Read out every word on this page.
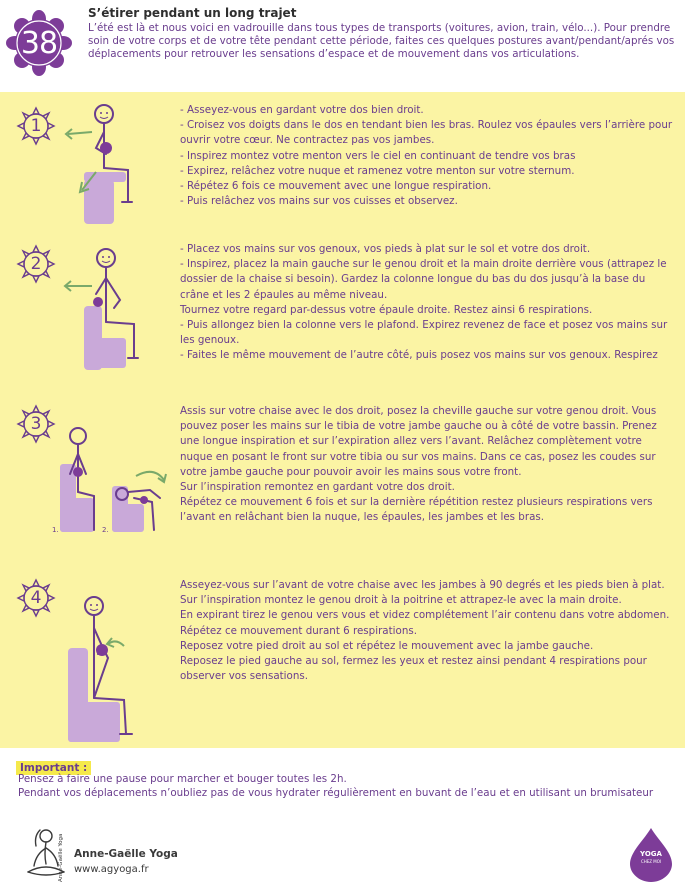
38
S’étirer pendant un long trajet
L’été est là et nous voici en vadrouille dans tous types de transports (voitures, avion, train, vélo...). Pour prendre soin de votre corps et de votre tête pendant cette période, faites ces quelques postures avant/pendant/aprés vos déplacements pour retrouver les sensations d’espace et de mouvement dans vos articulations.
1
- Asseyez-vous en gardant votre dos bien droit.
- Croisez vos doigts dans le dos en tendant bien les bras. Roulez vos épaules vers l’arrière pour ouvrir votre cœur. Ne contractez pas vos jambes.
- Inspirez montez votre menton vers le ciel en continuant de tendre vos bras
- Expirez, relâchez votre nuque et ramenez votre menton sur votre sternum.
- Répétez 6 fois ce mouvement avec une longue respiration.
- Puis relâchez vos mains sur vos cuisses et observez.
2
- Placez vos mains sur vos genoux, vos pieds à plat sur le sol et votre dos droit.
- Inspirez, placez la main gauche sur le genou droit et la main droite derrière vous (attrapez le dossier de la chaise si besoin). Gardez la colonne longue du bas du dos jusqu’à la base du crâne et les 2 épaules au même niveau.
Tournez votre regard par-dessus votre épaule droite. Restez ainsi 6 respirations.
- Puis allongez bien la colonne vers le plafond. Expirez revenez de face et posez vos mains sur les genoux.
- Faites le même mouvement de l’autre côté, puis posez vos mains sur vos genoux. Respirez
3
1.	2.
Assis sur votre chaise avec le dos droit, posez la cheville gauche sur votre genou droit. Vous pouvez poser les mains sur le tibia de votre jambe gauche ou à côté de votre bassin. Prenez une longue inspiration et sur l’expiration allez vers l’avant. Relâchez complètement votre nuque en posant le front sur votre tibia ou sur vos mains. Dans ce cas, posez les coudes sur votre jambe gauche pour pouvoir avoir les mains sous votre front.
Sur l’inspiration remontez en gardant votre dos droit.
Répétez ce mouvement 6 fois et sur la dernière répétition restez plusieurs respirations vers l’avant en relâchant bien la nuque, les épaules, les jambes et les bras.
4
Asseyez-vous sur l’avant de votre chaise avec les jambes à 90 degrés et les pieds bien à plat.
Sur l’inspiration montez le genou droit à la poitrine et attrapez-le avec la main droite.
En expirant tirez le genou vers vous et videz complétement l’air contenu dans votre abdomen.
Répétez ce mouvement durant 6 respirations.
Reposez votre pied droit au sol et répétez le mouvement avec la jambe gauche.
Reposez le pied gauche au sol, fermez les yeux et restez ainsi pendant 4 respirations pour observer vos sensations.
Important :
Pensez à faire une pause pour marcher et bouger toutes les 2h.
Pendant vos déplacements n’oubliez pas de vous hydrater régulièrement en buvant de l’eau et en utilisant un brumisateur
Anne-Gaëlle Yoga Anne-Gaëlle Yoga
www.agyoga.fr
YOGA
CHEZ MOI
